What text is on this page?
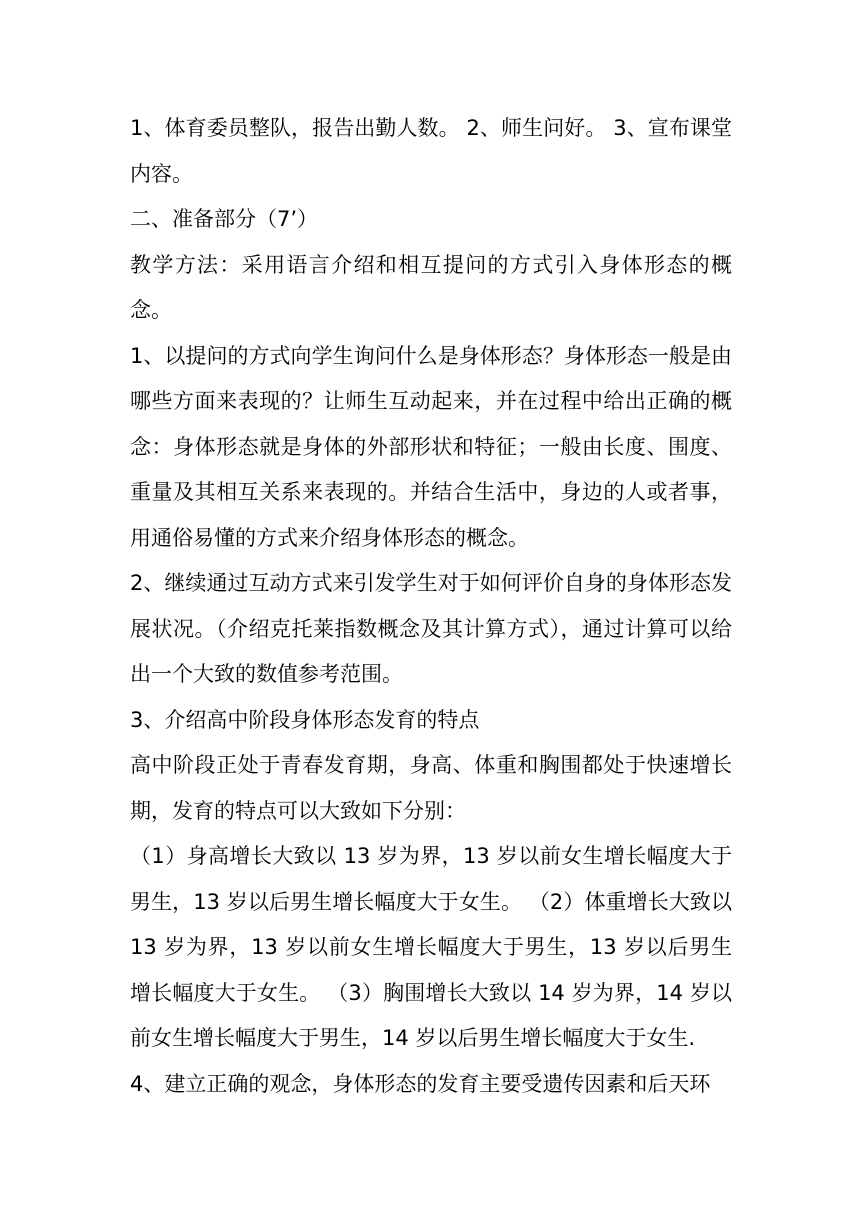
1、体育委员整队，报告出勤人数。 2、师生问好。 3、宣布课堂内容。

二、准备部分（7’）

教学方法：采用语言介绍和相互提问的方式引入身体形态的概念。

1、以提问的方式向学生询问什么是身体形态？身体形态一般是由哪些方面来表现的？让师生互动起来，并在过程中给出正确的概念：身体形态就是身体的外部形状和特征；一般由长度、围度、重量及其相互关系来表现的。并结合生活中，身边的人或者事，用通俗易懂的方式来介绍身体形态的概念。

2、继续通过互动方式来引发学生对于如何评价自身的身体形态发展状况。（介绍克托莱指数概念及其计算方式），通过计算可以给出一个大致的数值参考范围。

3、介绍高中阶段身体形态发育的特点

高中阶段正处于青春发育期，身高、体重和胸围都处于快速增长期，发育的特点可以大致如下分别：

（1）身高增长大致以 13 岁为界，13 岁以前女生增长幅度大于男生，13 岁以后男生增长幅度大于女生。 （2）体重增长大致以 13 岁为界，13 岁以前女生增长幅度大于男生，13 岁以后男生增长幅度大于女生。 （3）胸围增长大致以 14 岁为界，14 岁以前女生增长幅度大于男生，14 岁以后男生增长幅度大于女生.

4、建立正确的观念，身体形态的发育主要受遗传因素和后天环
